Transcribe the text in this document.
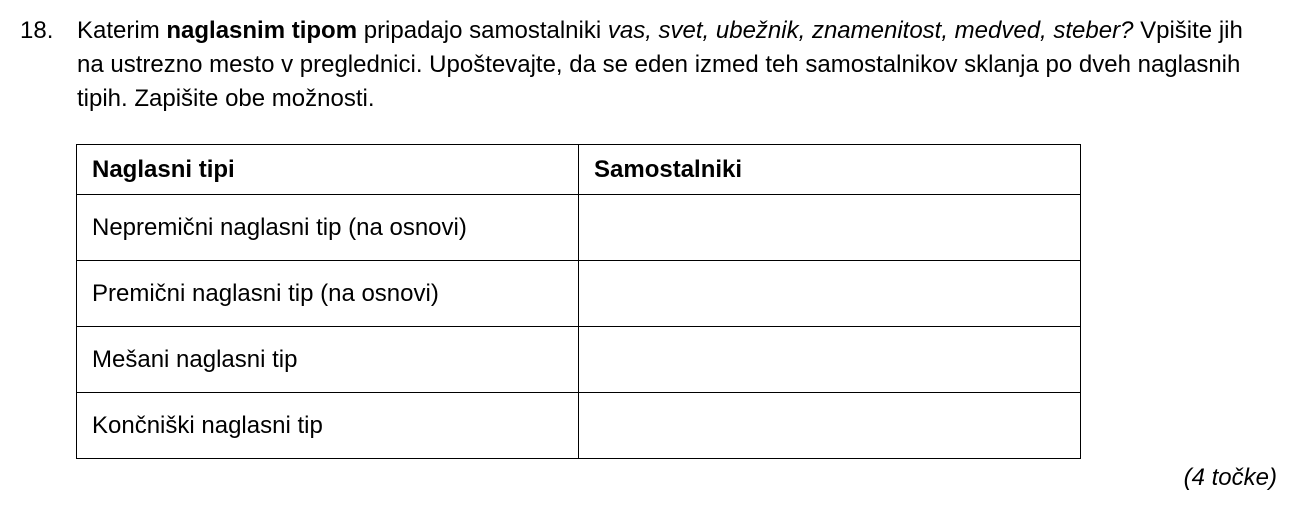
18. Katerim naglasnim tipom pripadajo samostalniki vas, svet, ubežnik, znamenitost, medved, steber? Vpišite jih na ustrezno mesto v preglednici. Upoštevajte, da se eden izmed teh samostalnikov sklanja po dveh naglasnih tipih. Zapišite obe možnosti.
Naglasni tipi	Samostalniki
Nepremični naglasni tip (na osnovi)	
Premični naglasni tip (na osnovi)	
Mešani naglasni tip	
Končniški naglasni tip	
(4 točke)
